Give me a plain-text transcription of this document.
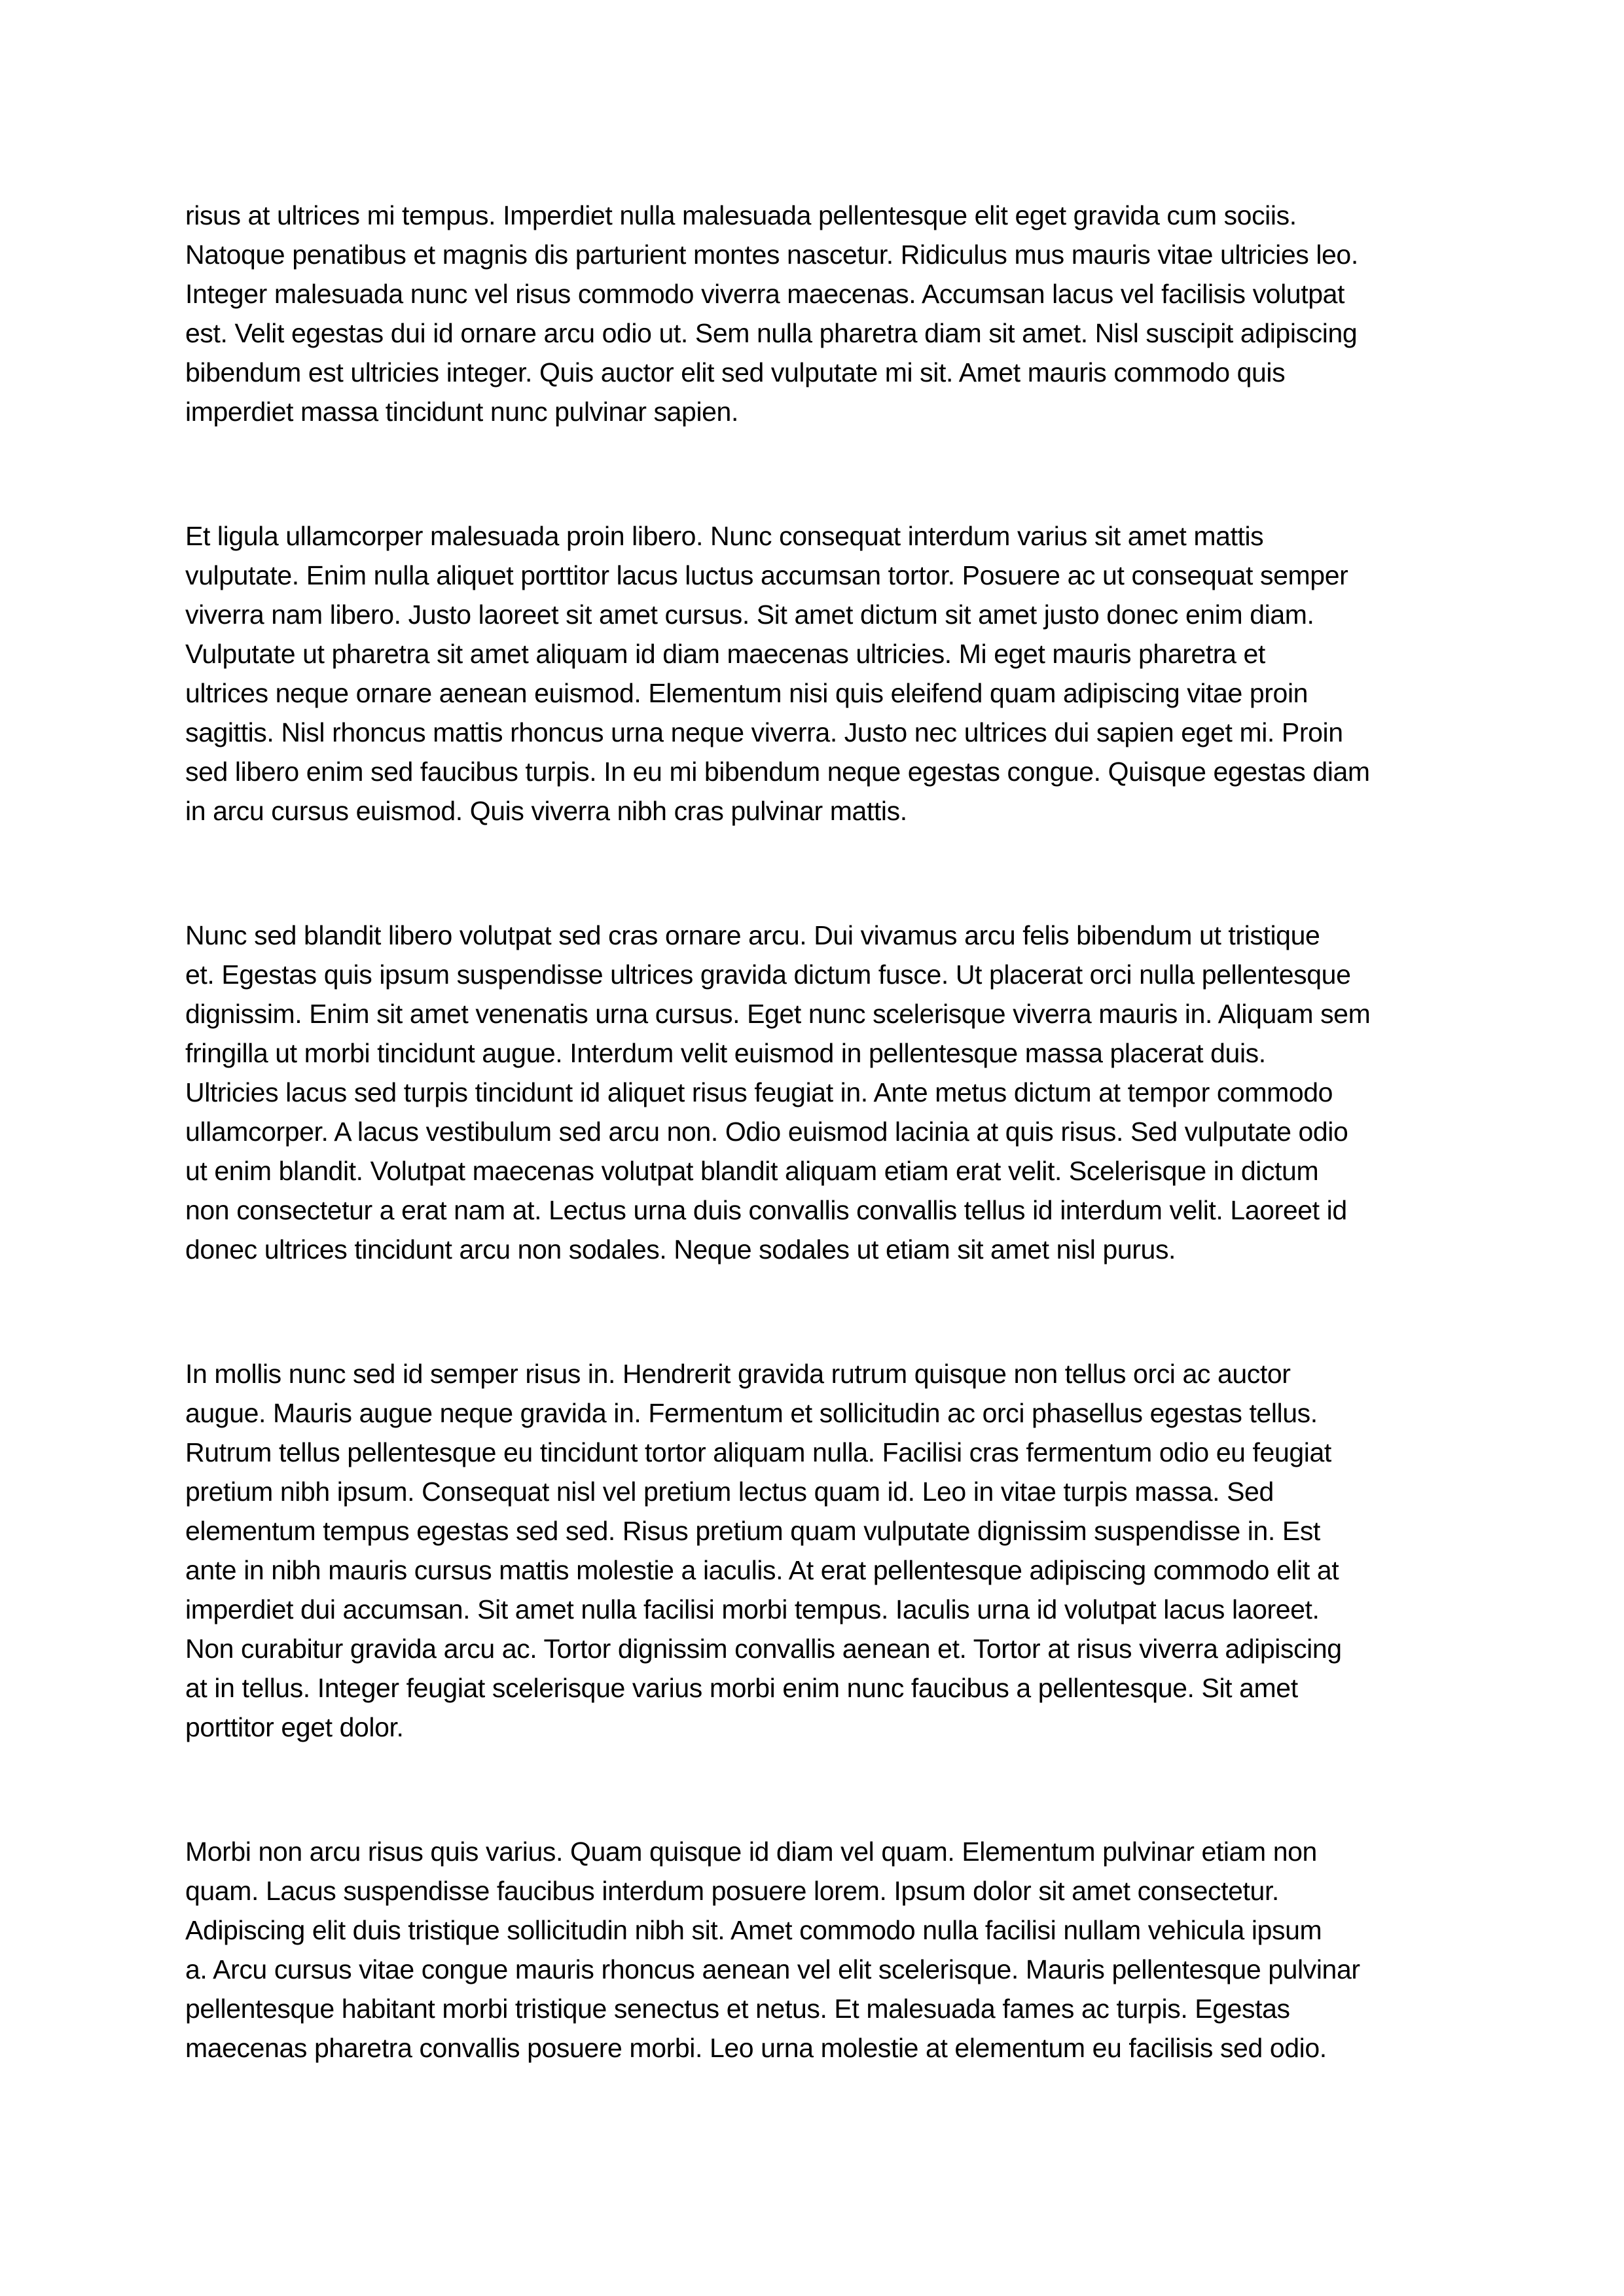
risus at ultrices mi tempus. Imperdiet nulla malesuada pellentesque elit eget gravida cum sociis.
Natoque penatibus et magnis dis parturient montes nascetur. Ridiculus mus mauris vitae ultricies leo.
Integer malesuada nunc vel risus commodo viverra maecenas. Accumsan lacus vel facilisis volutpat
est. Velit egestas dui id ornare arcu odio ut. Sem nulla pharetra diam sit amet. Nisl suscipit adipiscing
bibendum est ultricies integer. Quis auctor elit sed vulputate mi sit. Amet mauris commodo quis
imperdiet massa tincidunt nunc pulvinar sapien.

Et ligula ullamcorper malesuada proin libero. Nunc consequat interdum varius sit amet mattis
vulputate. Enim nulla aliquet porttitor lacus luctus accumsan tortor. Posuere ac ut consequat semper
viverra nam libero. Justo laoreet sit amet cursus. Sit amet dictum sit amet justo donec enim diam.
Vulputate ut pharetra sit amet aliquam id diam maecenas ultricies. Mi eget mauris pharetra et
ultrices neque ornare aenean euismod. Elementum nisi quis eleifend quam adipiscing vitae proin
sagittis. Nisl rhoncus mattis rhoncus urna neque viverra. Justo nec ultrices dui sapien eget mi. Proin
sed libero enim sed faucibus turpis. In eu mi bibendum neque egestas congue. Quisque egestas diam
in arcu cursus euismod. Quis viverra nibh cras pulvinar mattis.

Nunc sed blandit libero volutpat sed cras ornare arcu. Dui vivamus arcu felis bibendum ut tristique
et. Egestas quis ipsum suspendisse ultrices gravida dictum fusce. Ut placerat orci nulla pellentesque
dignissim. Enim sit amet venenatis urna cursus. Eget nunc scelerisque viverra mauris in. Aliquam sem
fringilla ut morbi tincidunt augue. Interdum velit euismod in pellentesque massa placerat duis.
Ultricies lacus sed turpis tincidunt id aliquet risus feugiat in. Ante metus dictum at tempor commodo
ullamcorper. A lacus vestibulum sed arcu non. Odio euismod lacinia at quis risus. Sed vulputate odio
ut enim blandit. Volutpat maecenas volutpat blandit aliquam etiam erat velit. Scelerisque in dictum
non consectetur a erat nam at. Lectus urna duis convallis convallis tellus id interdum velit. Laoreet id
donec ultrices tincidunt arcu non sodales. Neque sodales ut etiam sit amet nisl purus.

In mollis nunc sed id semper risus in. Hendrerit gravida rutrum quisque non tellus orci ac auctor
augue. Mauris augue neque gravida in. Fermentum et sollicitudin ac orci phasellus egestas tellus.
Rutrum tellus pellentesque eu tincidunt tortor aliquam nulla. Facilisi cras fermentum odio eu feugiat
pretium nibh ipsum. Consequat nisl vel pretium lectus quam id. Leo in vitae turpis massa. Sed
elementum tempus egestas sed sed. Risus pretium quam vulputate dignissim suspendisse in. Est
ante in nibh mauris cursus mattis molestie a iaculis. At erat pellentesque adipiscing commodo elit at
imperdiet dui accumsan. Sit amet nulla facilisi morbi tempus. Iaculis urna id volutpat lacus laoreet.
Non curabitur gravida arcu ac. Tortor dignissim convallis aenean et. Tortor at risus viverra adipiscing
at in tellus. Integer feugiat scelerisque varius morbi enim nunc faucibus a pellentesque. Sit amet
porttitor eget dolor.

Morbi non arcu risus quis varius. Quam quisque id diam vel quam. Elementum pulvinar etiam non
quam. Lacus suspendisse faucibus interdum posuere lorem. Ipsum dolor sit amet consectetur.
Adipiscing elit duis tristique sollicitudin nibh sit. Amet commodo nulla facilisi nullam vehicula ipsum
a. Arcu cursus vitae congue mauris rhoncus aenean vel elit scelerisque. Mauris pellentesque pulvinar
pellentesque habitant morbi tristique senectus et netus. Et malesuada fames ac turpis. Egestas
maecenas pharetra convallis posuere morbi. Leo urna molestie at elementum eu facilisis sed odio.
